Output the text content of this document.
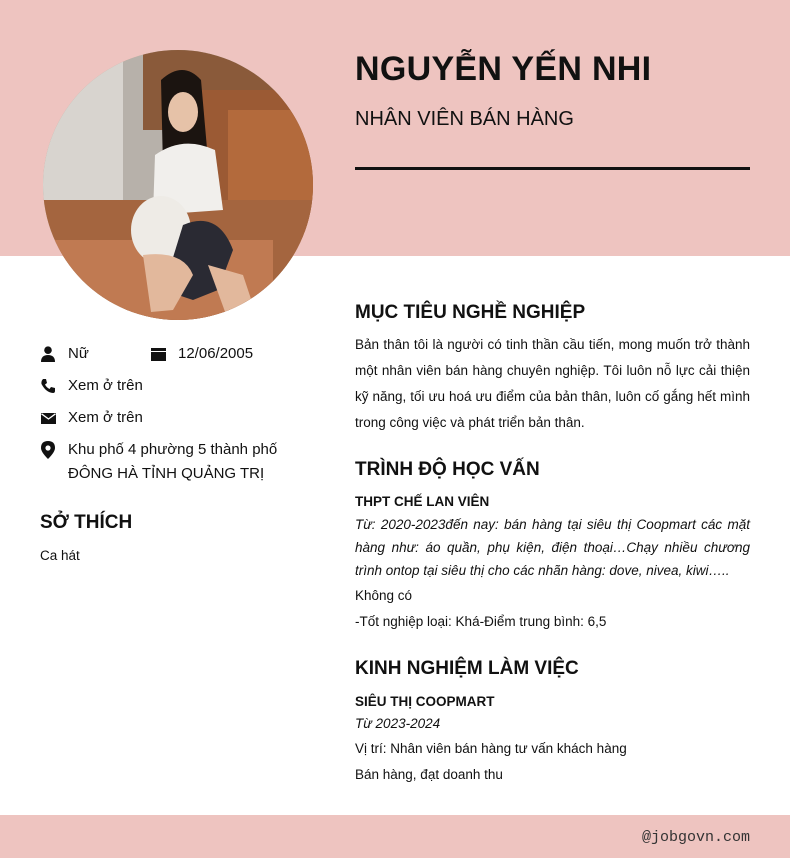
NGUYỄN YẾN NHI
NHÂN VIÊN BÁN HÀNG
Nữ	12/06/2005
Xem ở trên
Xem ở trên
Khu phố 4 phường 5 thành phố
ĐÔNG HÀ TỈNH QUẢNG TRỊ
SỞ THÍCH
Ca hát
MỤC TIÊU NGHỀ NGHIỆP
Bản thân tôi là người có tinh thần cầu tiến, mong muốn trở thành một nhân viên bán hàng chuyên nghiệp. Tôi luôn nỗ lực cải thiện kỹ năng, tối ưu hoá ưu điểm của bản thân, luôn cố gắng hết mình trong công việc và phát triển bản thân.
TRÌNH ĐỘ HỌC VẤN
THPT CHẾ LAN VIÊN
Từ: 2020-2023đến nay: bán hàng tại siêu thị Coopmart các mặt hàng như: áo quần, phụ kiện, điện thoại…Chạy nhiều chương trình ontop tại siêu thị cho các nhãn hàng: dove, nivea, kiwi…..
Không có
-Tốt nghiệp loại: Khá-Điểm trung bình: 6,5
KINH NGHIỆM LÀM VIỆC
SIÊU THỊ COOPMART
Từ 2023-2024
Vị trí: Nhân viên bán hàng tư vấn khách hàng
Bán hàng, đạt doanh thu
@jobgovn.com
